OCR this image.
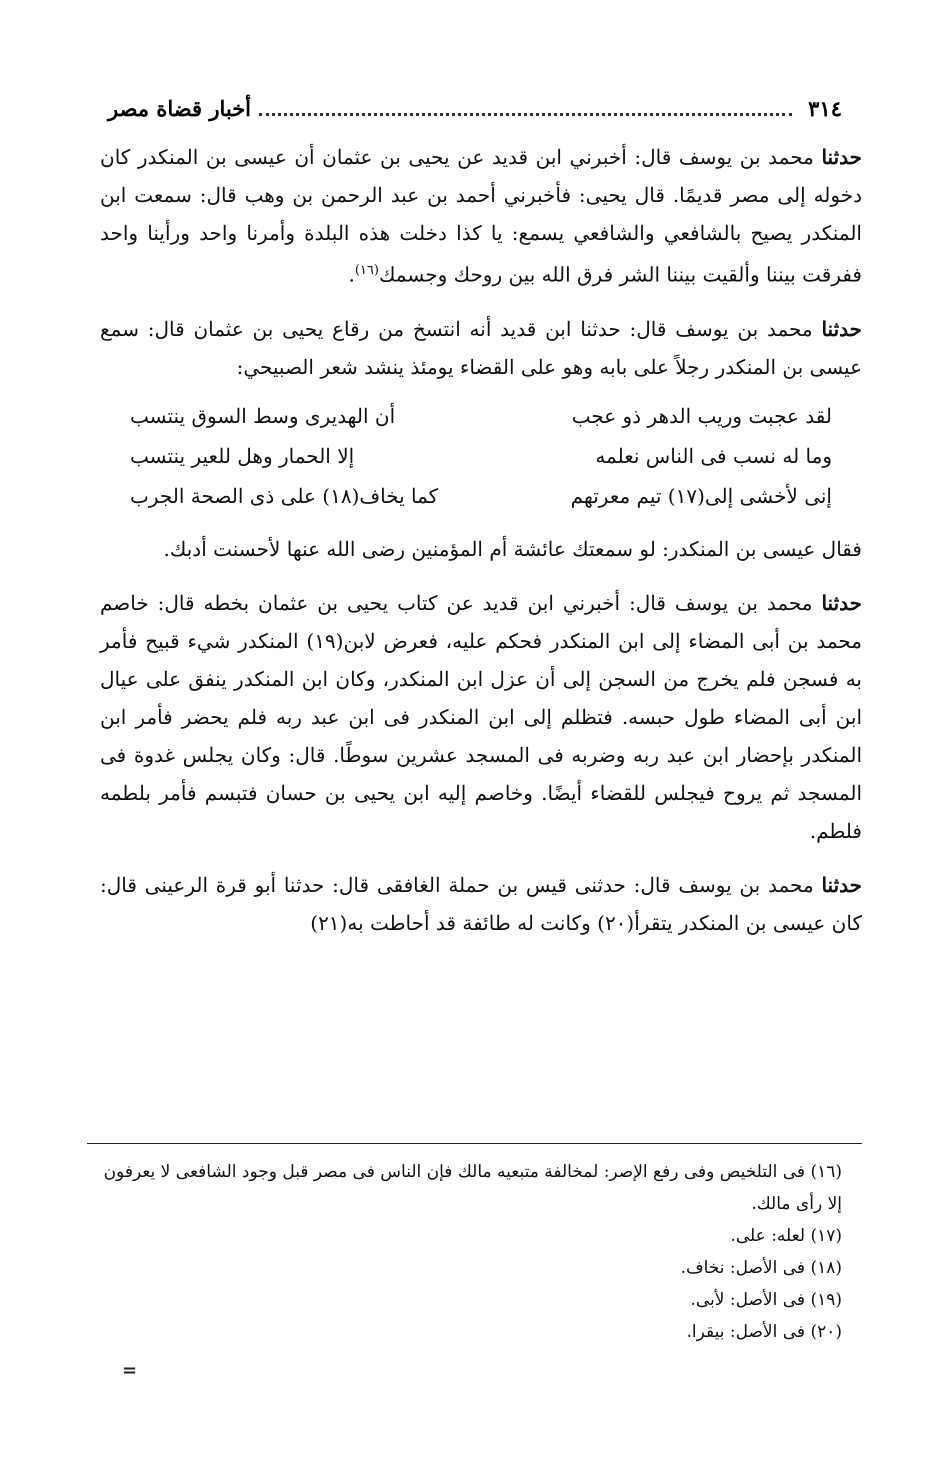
٣١٤
أخبار قضاة مصر

حدثنا محمد بن يوسف قال: أخبرني ابن قديد عن يحيى بن عثمان أن عيسى بن المنكدر كان دخوله إلى مصر قديمًا. قال يحيى: فأخبرني أحمد بن عبد الرحمن بن وهب قال: سمعت ابن المنكدر يصيح بالشافعي والشافعي يسمع: يا كذا دخلت هذه البلدة وأمرنا واحد ورأينا واحد ففرقت بيننا وألقيت بيننا الشر فرق الله بين روحك وجسمك$^{(١٦)}$.

حدثنا محمد بن يوسف قال: حدثنا ابن قديد أنه انتسخ من رقاع يحيى بن عثمان قال: سمع عيسى بن المنكدر رجلاً على بابه وهو على القضاء يومئذ ينشد شعر الصبيحي:

لقد عجبت وريب الدهر ذو عجب
أن الهديرى وسط السوق ينتسب
وما له نسب فى الناس نعلمه
إلا الحمار وهل للعير ينتسب
إنى لأخشى إلى(١٧) تيم معرتهم
كما يخاف(١٨) على ذى الصحة الجرب

فقال عيسى بن المنكدر: لو سمعتك عائشة أم المؤمنين رضى الله عنها لأحسنت أدبك.

حدثنا محمد بن يوسف قال: أخبرني ابن قديد عن كتاب يحيى بن عثمان بخطه قال: خاصم محمد بن أبى المضاء إلى ابن المنكدر فحكم عليه، فعرض لابن(١٩) المنكدر شيء قبيح فأمر به فسجن فلم يخرج من السجن إلى أن عزل ابن المنكدر، وكان ابن المنكدر ينفق على عيال ابن أبى المضاء طول حبسه. فتظلم إلى ابن المنكدر فى ابن عبد ربه فلم يحضر فأمر ابن المنكدر بإحضار ابن عبد ربه وضربه فى المسجد عشرين سوطًا. قال: وكان يجلس غدوة فى المسجد ثم يروح فيجلس للقضاء أيضًا. وخاصم إليه ابن يحيى بن حسان فتبسم فأمر بلطمه فلطم.

حدثنا محمد بن يوسف قال: حدثنى قيس بن حملة الغافقى قال: حدثنا أبو قرة الرعينى قال: كان عيسى بن المنكدر يتقرأ(٢٠) وكانت له طائفة قد أحاطت به(٢١)

(١٦) فى التلخيص وفى رفع الإصر: لمخالفة متبعيه مالك فإن الناس فى مصر قبل وجود الشافعى لا يعرفون إلا رأى مالك.

(١٧) لعله: على.

(١٨) فى الأصل: نخاف.

(١٩) فى الأصل: لأبى.

(٢٠) فى الأصل: بيقرا.

=
